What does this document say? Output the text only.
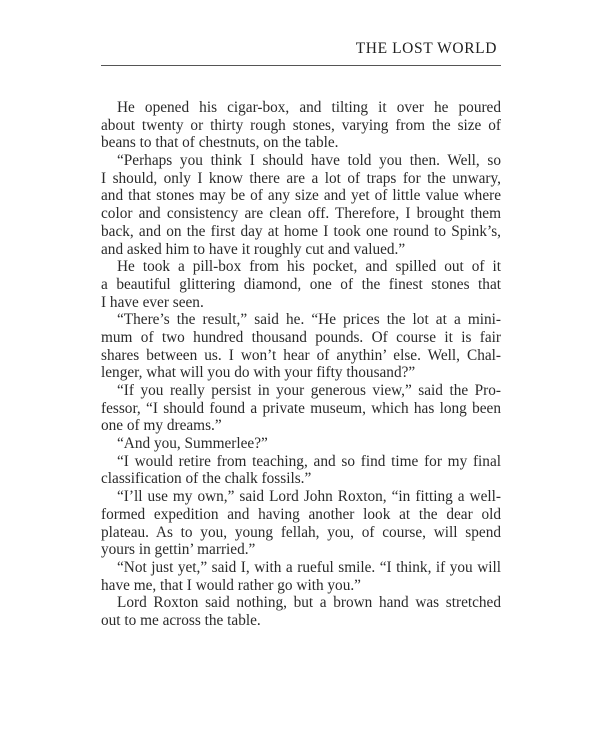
THE LOST WORLD
He opened his cigar-box, and tilting it over he poured
about twenty or thirty rough stones, varying from the size of
beans to that of chestnuts, on the table.
“Perhaps you think I should have told you then. Well, so
I should, only I know there are a lot of traps for the unwary,
and that stones may be of any size and yet of little value where
color and consistency are clean off. Therefore, I brought them
back, and on the first day at home I took one round to Spink’s,
and asked him to have it roughly cut and valued.”
He took a pill-box from his pocket, and spilled out of it
a beautiful glittering diamond, one of the finest stones that
I have ever seen.
“There’s the result,” said he. “He prices the lot at a mini-
mum of two hundred thousand pounds. Of course it is fair
shares between us. I won’t hear of anythin’ else. Well, Chal-
lenger, what will you do with your fifty thousand?”
“If you really persist in your generous view,” said the Pro-
fessor, “I should found a private museum, which has long been
one of my dreams.”
“And you, Summerlee?”
“I would retire from teaching, and so find time for my final
classification of the chalk fossils.”
“I’ll use my own,” said Lord John Roxton, “in fitting a well-
formed expedition and having another look at the dear old
plateau. As to you, young fellah, you, of course, will spend
yours in gettin’ married.”
“Not just yet,” said I, with a rueful smile. “I think, if you will
have me, that I would rather go with you.”
Lord Roxton said nothing, but a brown hand was stretched
out to me across the table.
